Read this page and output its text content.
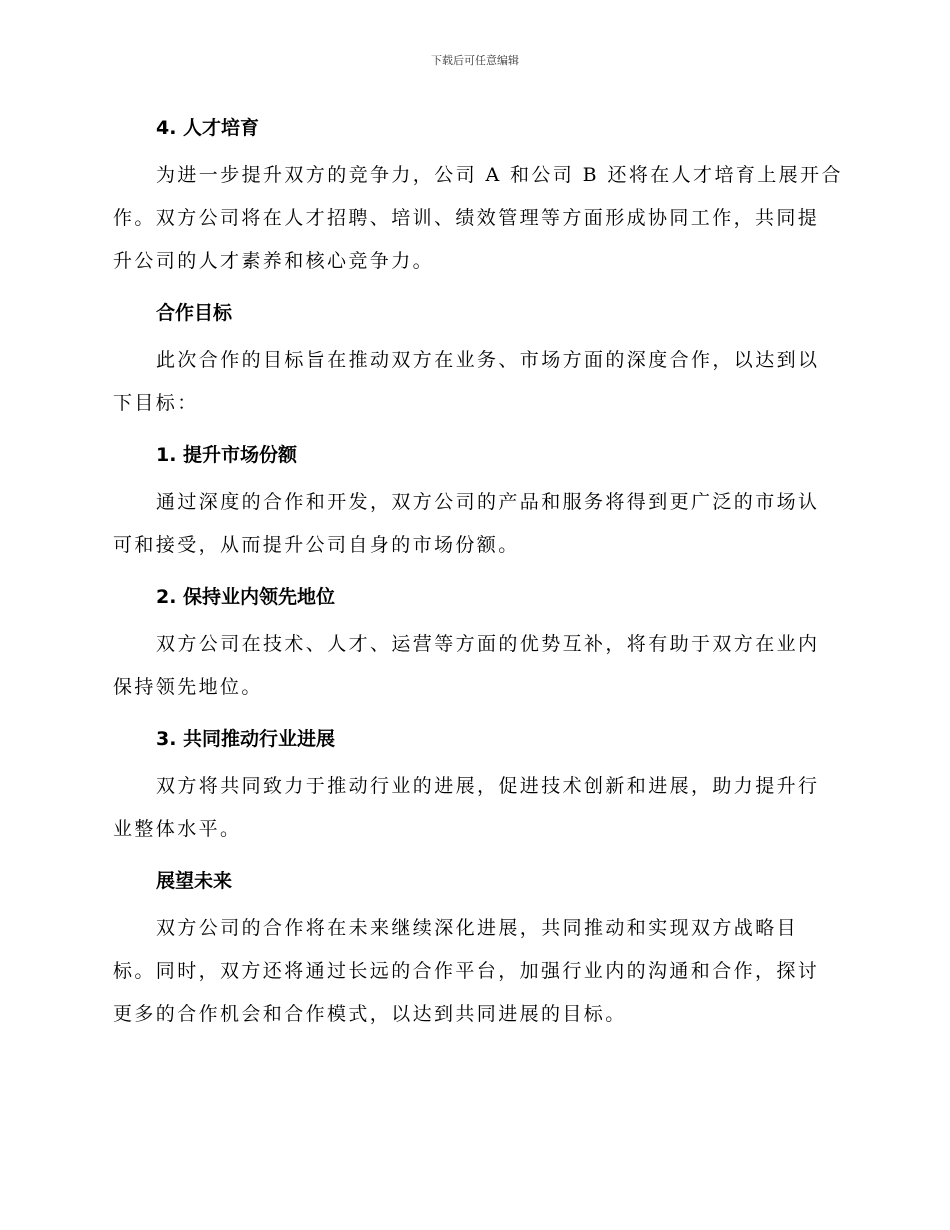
下载后可任意编辑
4. 人才培育

为进一步提升双方的竞争力，公司 A 和公司 B 还将在人才培育上展开合
作。双方公司将在人才招聘、培训、绩效管理等方面形成协同工作，共同提
升公司的人才素养和核心竞争力。

合作目标

此次合作的目标旨在推动双方在业务、市场方面的深度合作，以达到以
下目标：

1. 提升市场份额

通过深度的合作和开发，双方公司的产品和服务将得到更广泛的市场认
可和接受，从而提升公司自身的市场份额。

2. 保持业内领先地位

双方公司在技术、人才、运营等方面的优势互补，将有助于双方在业内
保持领先地位。

3. 共同推动行业进展

双方将共同致力于推动行业的进展，促进技术创新和进展，助力提升行
业整体水平。

展望未来

双方公司的合作将在未来继续深化进展，共同推动和实现双方战略目
标。同时，双方还将通过长远的合作平台，加强行业内的沟通和合作，探讨
更多的合作机会和合作模式，以达到共同进展的目标。
